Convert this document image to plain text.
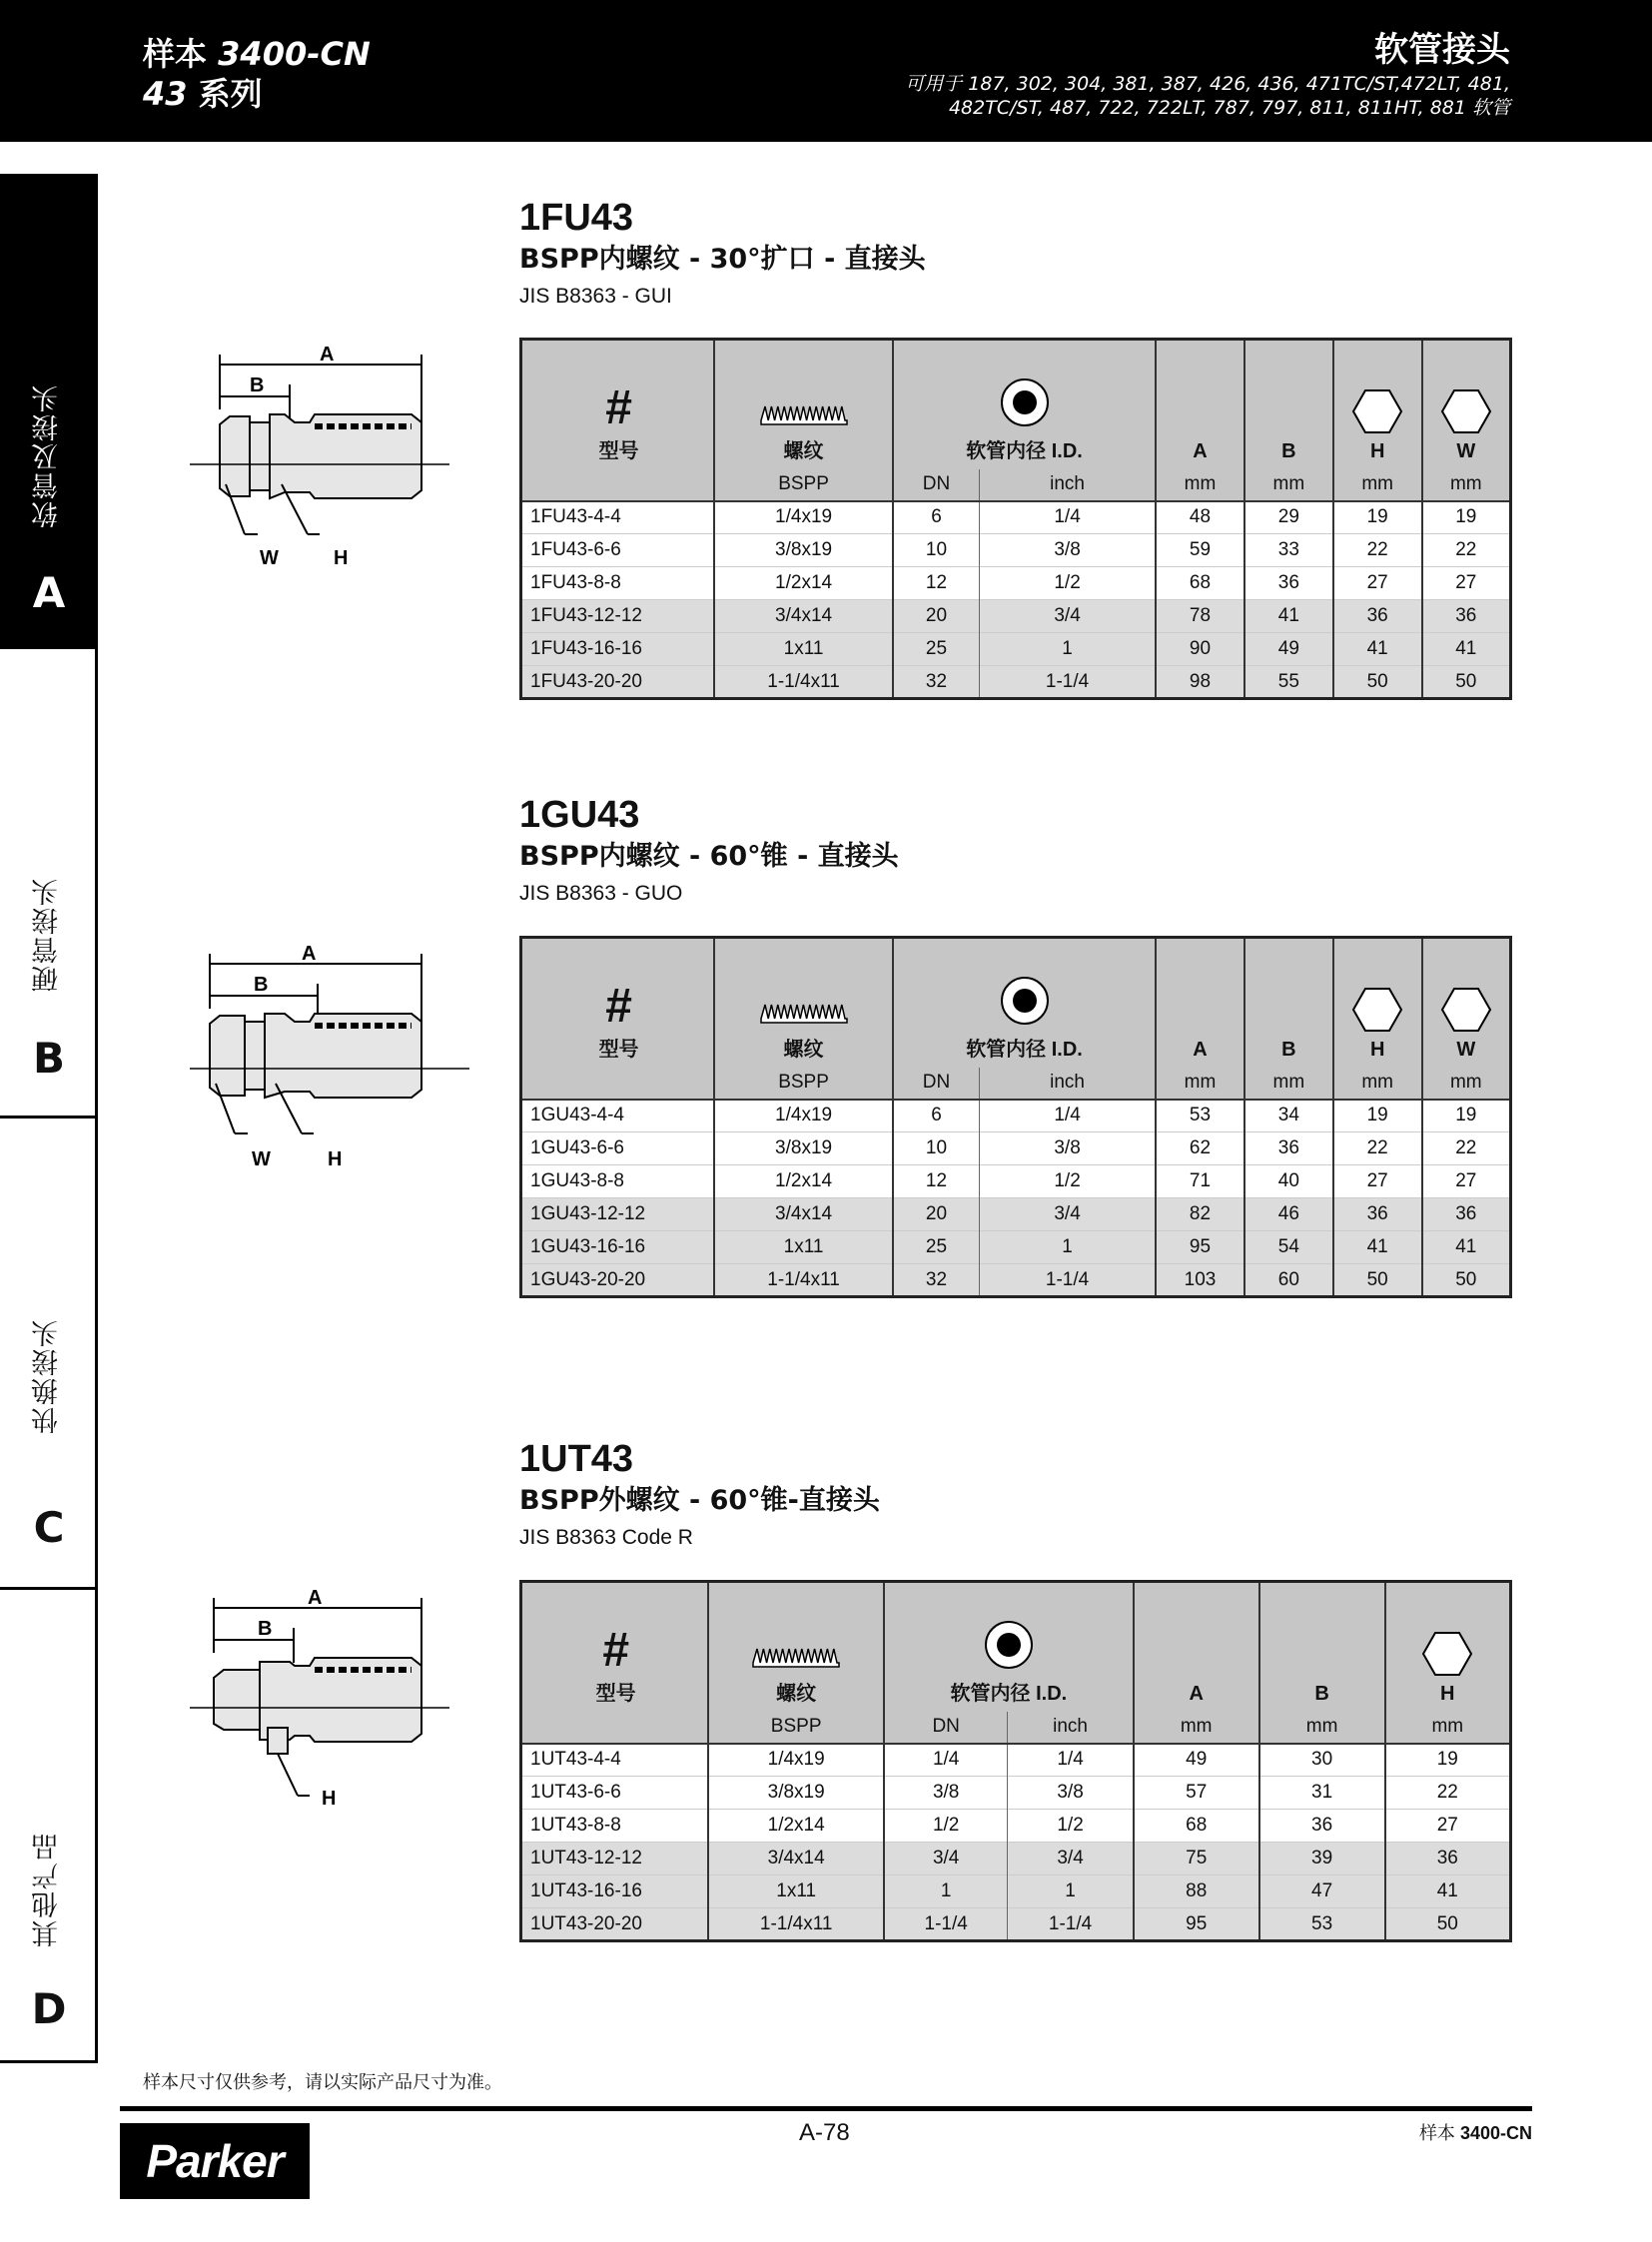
样本 3400-CN
43 系列
软管接头
可用于 187, 302, 304, 381, 387, 426, 436, 471TC/ST,472LT, 481,
482TC/ST, 487, 722, 722LT, 787, 797, 811, 811HT, 881 软管
软管及接头
A
硬管接头
B
快换接头
C
其他产品
D
1FU43
BSPP内螺纹 - 30°扩口 - 直接头
JIS B8363 - GUI
A
B
W	H
#
型号	螺纹	软管内径 I.D.		A	B	H	W
	BSPP	DN	inch	mm	mm	mm	mm
1FU43-4-4	1/4x19	6	1/4	48	29	19	19
1FU43-6-6	3/8x19	10	3/8	59	33	22	22
1FU43-8-8	1/2x14	12	1/2	68	36	27	27
1FU43-12-12	3/4x14	20	3/4	78	41	36	36
1FU43-16-16	1x11	25	1	90	49	41	41
1FU43-20-20	1-1/4x11	32	1-1/4	98	55	50	50
1GU43
BSPP内螺纹 - 60°锥 - 直接头
JIS B8363 - GUO
A
B
W	H
#
型号	螺纹	软管内径 I.D.		A	B	H	W
	BSPP	DN	inch	mm	mm	mm	mm
1GU43-4-4	1/4x19	6	1/4	53	34	19	19
1GU43-6-6	3/8x19	10	3/8	62	36	22	22
1GU43-8-8	1/2x14	12	1/2	71	40	27	27
1GU43-12-12	3/4x14	20	3/4	82	46	36	36
1GU43-16-16	1x11	25	1	95	54	41	41
1GU43-20-20	1-1/4x11	32	1-1/4	103	60	50	50
1UT43
BSPP外螺纹 - 60°锥-直接头
JIS B8363 Code R
A
B
H
#
型号	螺纹	软管内径 I.D.		A	B	H
	BSPP	DN	inch	mm	mm	mm
1UT43-4-4	1/4x19	1/4	1/4	49	30	19
1UT43-6-6	3/8x19	3/8	3/8	57	31	22
1UT43-8-8	1/2x14	1/2	1/2	68	36	27
1UT43-12-12	3/4x14	3/4	3/4	75	39	36
1UT43-16-16	1x11	1	1	88	47	41
1UT43-20-20	1-1/4x11	1-1/4	1-1/4	95	53	50
样本尺寸仅供参考，请以实际产品尺寸为准。
Parker
A-78	样本 3400-CN
